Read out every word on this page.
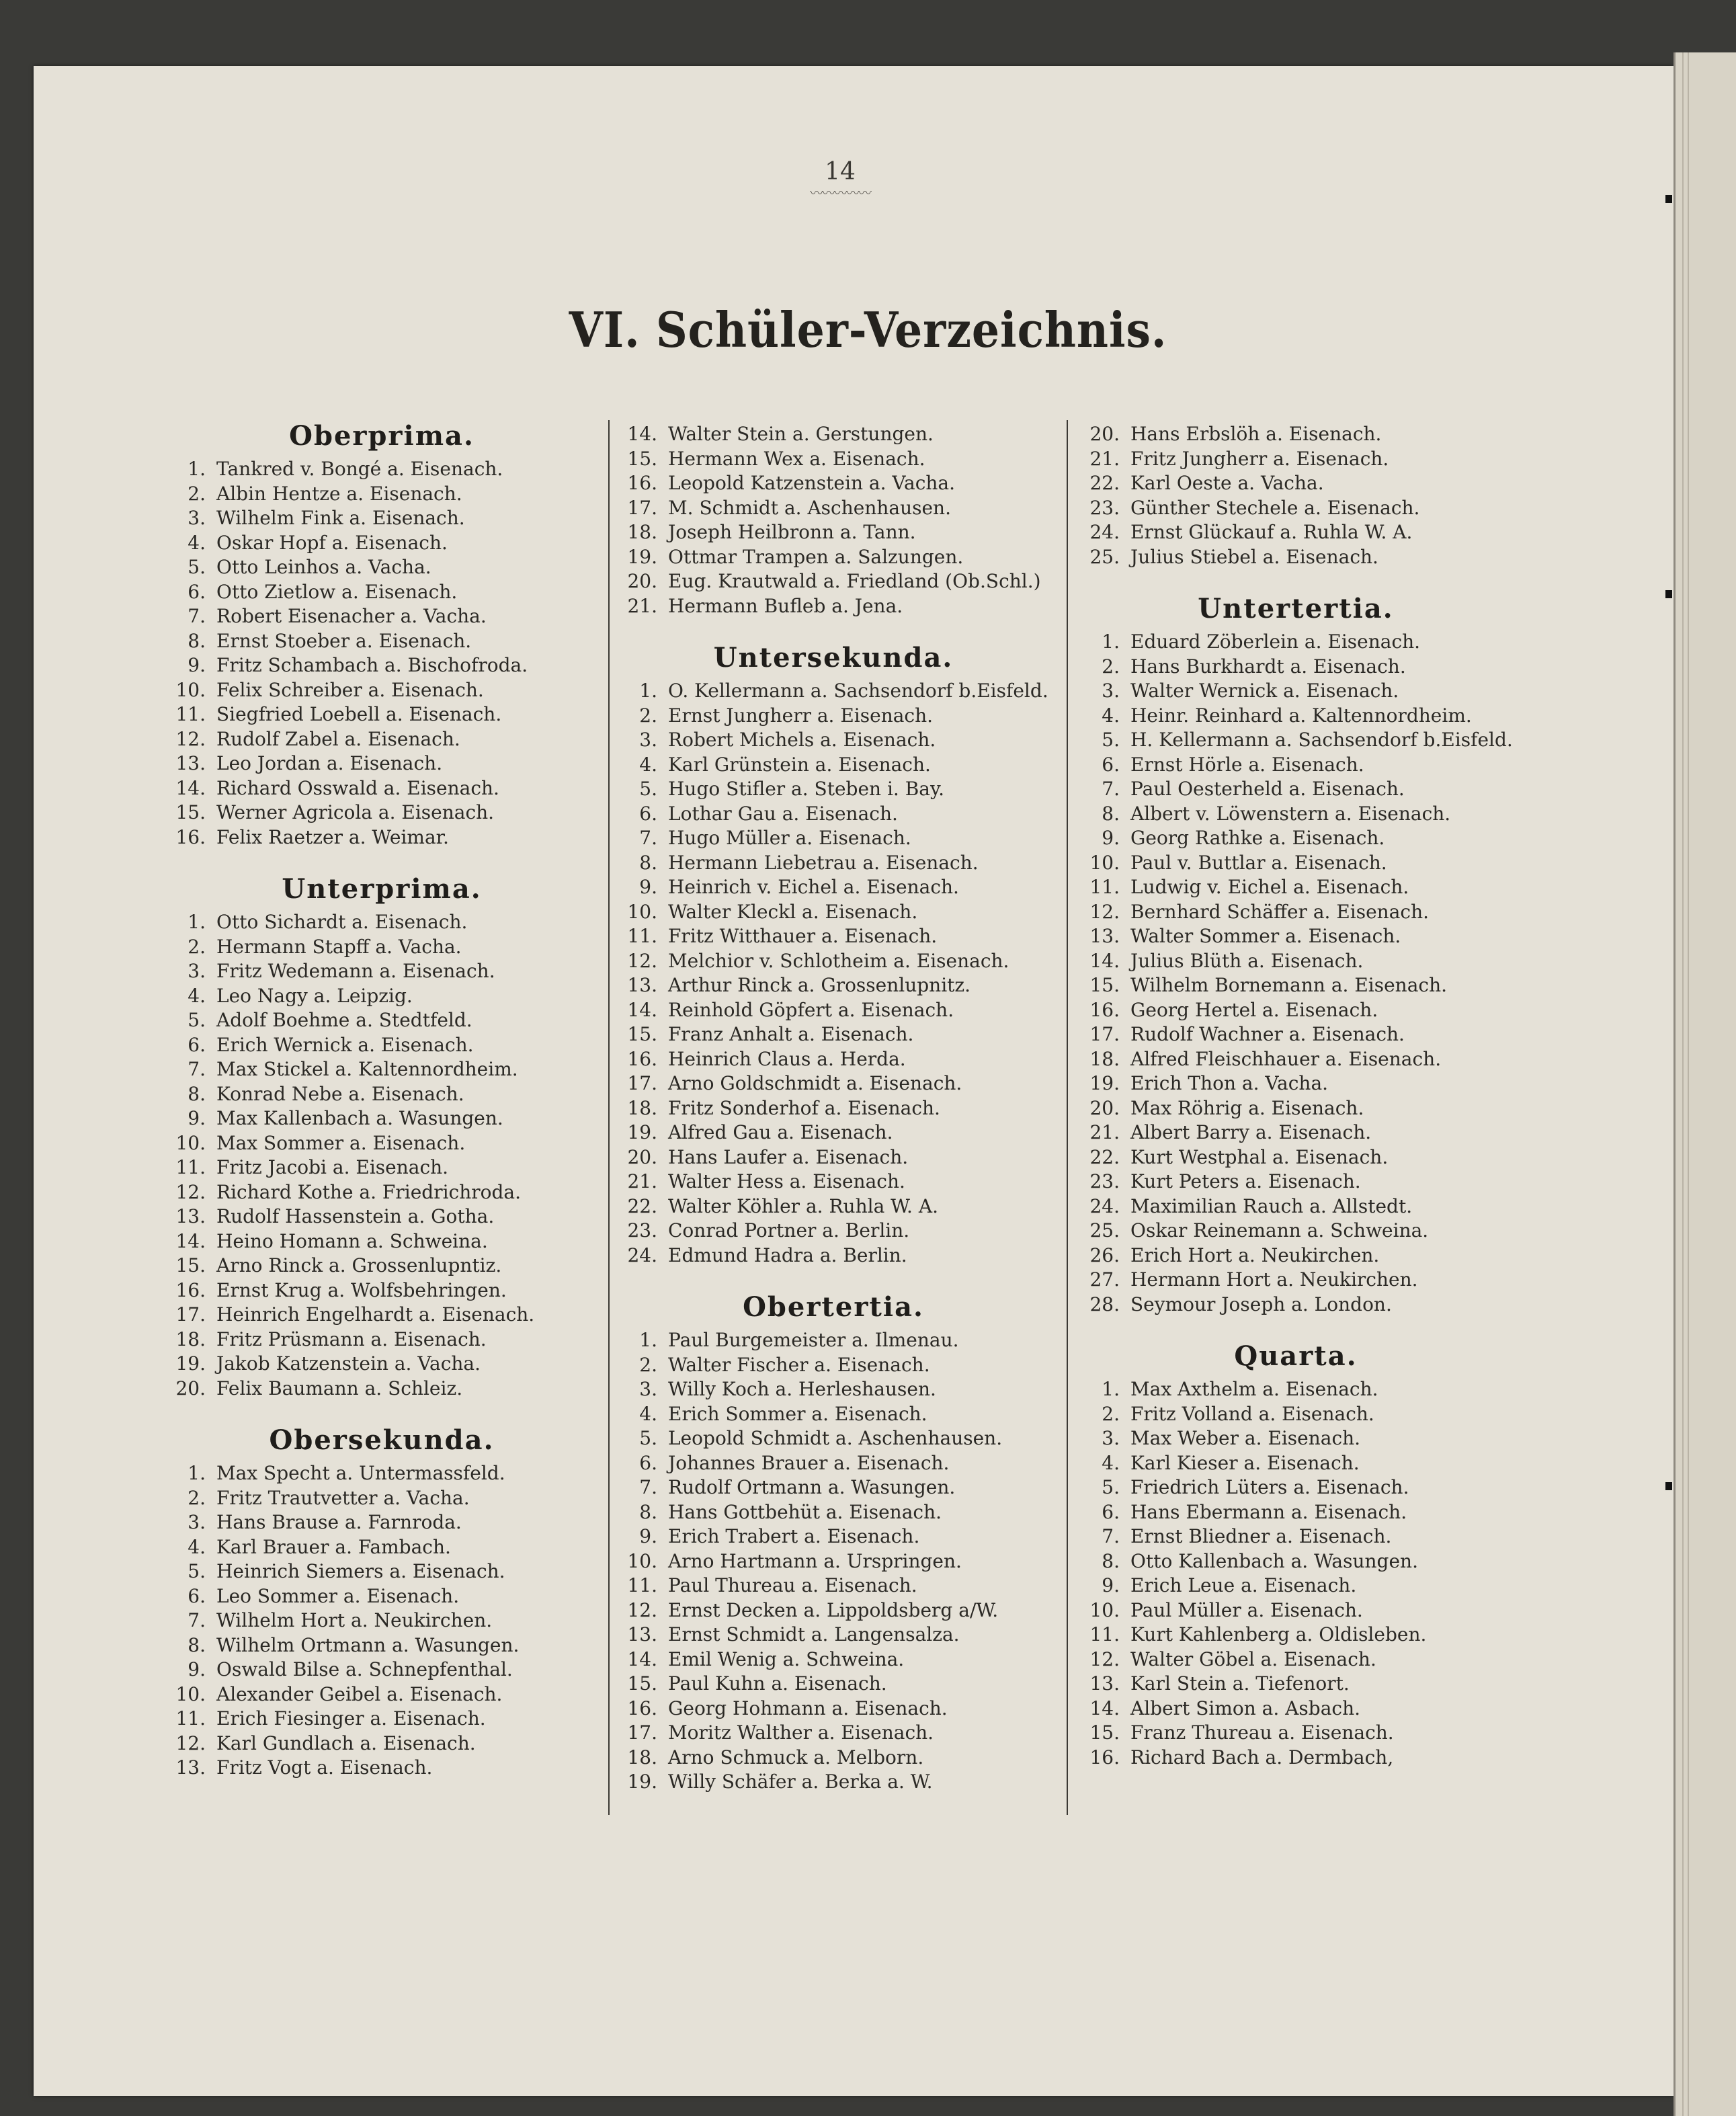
14
〰〰〰〰〰
VI. Schüler-Verzeichnis.
Oberprima.
1. Tankred v. Bongé a. Eisenach.
2. Albin Hentze a. Eisenach.
3. Wilhelm Fink a. Eisenach.
4. Oskar Hopf a. Eisenach.
5. Otto Leinhos a. Vacha.
6. Otto Zietlow a. Eisenach.
7. Robert Eisenacher a. Vacha.
8. Ernst Stoeber a. Eisenach.
9. Fritz Schambach a. Bischofroda.
10. Felix Schreiber a. Eisenach.
11. Siegfried Loebell a. Eisenach.
12. Rudolf Zabel a. Eisenach.
13. Leo Jordan a. Eisenach.
14. Richard Osswald a. Eisenach.
15. Werner Agricola a. Eisenach.
16. Felix Raetzer a. Weimar.
Unterprima.
1. Otto Sichardt a. Eisenach.
2. Hermann Stapff a. Vacha.
3. Fritz Wedemann a. Eisenach.
4. Leo Nagy a. Leipzig.
5. Adolf Boehme a. Stedtfeld.
6. Erich Wernick a. Eisenach.
7. Max Stickel a. Kaltennordheim.
8. Konrad Nebe a. Eisenach.
9. Max Kallenbach a. Wasungen.
10. Max Sommer a. Eisenach.
11. Fritz Jacobi a. Eisenach.
12. Richard Kothe a. Friedrichroda.
13. Rudolf Hassenstein a. Gotha.
14. Heino Homann a. Schweina.
15. Arno Rinck a. Grossenlupntiz.
16. Ernst Krug a. Wolfsbehringen.
17. Heinrich Engelhardt a. Eisenach.
18. Fritz Prüsmann a. Eisenach.
19. Jakob Katzenstein a. Vacha.
20. Felix Baumann a. Schleiz.
Obersekunda.
1. Max Specht a. Untermassfeld.
2. Fritz Trautvetter a. Vacha.
3. Hans Brause a. Farnroda.
4. Karl Brauer a. Fambach.
5. Heinrich Siemers a. Eisenach.
6. Leo Sommer a. Eisenach.
7. Wilhelm Hort a. Neukirchen.
8. Wilhelm Ortmann a. Wasungen.
9. Oswald Bilse a. Schnepfenthal.
10. Alexander Geibel a. Eisenach.
11. Erich Fiesinger a. Eisenach.
12. Karl Gundlach a. Eisenach.
13. Fritz Vogt a. Eisenach.
14. Walter Stein a. Gerstungen.
15. Hermann Wex a. Eisenach.
16. Leopold Katzenstein a. Vacha.
17. M. Schmidt a. Aschenhausen.
18. Joseph Heilbronn a. Tann.
19. Ottmar Trampen a. Salzungen.
20. Eug. Krautwald a. Friedland (Ob.Schl.)
21. Hermann Bufleb a. Jena.
Untersekunda.
1. O. Kellermann a. Sachsendorf b.Eisfeld.
2. Ernst Jungherr a. Eisenach.
3. Robert Michels a. Eisenach.
4. Karl Grünstein a. Eisenach.
5. Hugo Stifler a. Steben i. Bay.
6. Lothar Gau a. Eisenach.
7. Hugo Müller a. Eisenach.
8. Hermann Liebetrau a. Eisenach.
9. Heinrich v. Eichel a. Eisenach.
10. Walter Kleckl a. Eisenach.
11. Fritz Witthauer a. Eisenach.
12. Melchior v. Schlotheim a. Eisenach.
13. Arthur Rinck a. Grossenlupnitz.
14. Reinhold Göpfert a. Eisenach.
15. Franz Anhalt a. Eisenach.
16. Heinrich Claus a. Herda.
17. Arno Goldschmidt a. Eisenach.
18. Fritz Sonderhof a. Eisenach.
19. Alfred Gau a. Eisenach.
20. Hans Laufer a. Eisenach.
21. Walter Hess a. Eisenach.
22. Walter Köhler a. Ruhla W. A.
23. Conrad Portner a. Berlin.
24. Edmund Hadra a. Berlin.
Obertertia.
1. Paul Burgemeister a. Ilmenau.
2. Walter Fischer a. Eisenach.
3. Willy Koch a. Herleshausen.
4. Erich Sommer a. Eisenach.
5. Leopold Schmidt a. Aschenhausen.
6. Johannes Brauer a. Eisenach.
7. Rudolf Ortmann a. Wasungen.
8. Hans Gottbehüt a. Eisenach.
9. Erich Trabert a. Eisenach.
10. Arno Hartmann a. Urspringen.
11. Paul Thureau a. Eisenach.
12. Ernst Decken a. Lippoldsberg a/W.
13. Ernst Schmidt a. Langensalza.
14. Emil Wenig a. Schweina.
15. Paul Kuhn a. Eisenach.
16. Georg Hohmann a. Eisenach.
17. Moritz Walther a. Eisenach.
18. Arno Schmuck a. Melborn.
19. Willy Schäfer a. Berka a. W.
20. Hans Erbslöh a. Eisenach.
21. Fritz Jungherr a. Eisenach.
22. Karl Oeste a. Vacha.
23. Günther Stechele a. Eisenach.
24. Ernst Glückauf a. Ruhla W. A.
25. Julius Stiebel a. Eisenach.
Untertertia.
1. Eduard Zöberlein a. Eisenach.
2. Hans Burkhardt a. Eisenach.
3. Walter Wernick a. Eisenach.
4. Heinr. Reinhard a. Kaltennordheim.
5. H. Kellermann a. Sachsendorf b.Eisfeld.
6. Ernst Hörle a. Eisenach.
7. Paul Oesterheld a. Eisenach.
8. Albert v. Löwenstern a. Eisenach.
9. Georg Rathke a. Eisenach.
10. Paul v. Buttlar a. Eisenach.
11. Ludwig v. Eichel a. Eisenach.
12. Bernhard Schäffer a. Eisenach.
13. Walter Sommer a. Eisenach.
14. Julius Blüth a. Eisenach.
15. Wilhelm Bornemann a. Eisenach.
16. Georg Hertel a. Eisenach.
17. Rudolf Wachner a. Eisenach.
18. Alfred Fleischhauer a. Eisenach.
19. Erich Thon a. Vacha.
20. Max Röhrig a. Eisenach.
21. Albert Barry a. Eisenach.
22. Kurt Westphal a. Eisenach.
23. Kurt Peters a. Eisenach.
24. Maximilian Rauch a. Allstedt.
25. Oskar Reinemann a. Schweina.
26. Erich Hort a. Neukirchen.
27. Hermann Hort a. Neukirchen.
28. Seymour Joseph a. London.
Quarta.
1. Max Axthelm a. Eisenach.
2. Fritz Volland a. Eisenach.
3. Max Weber a. Eisenach.
4. Karl Kieser a. Eisenach.
5. Friedrich Lüters a. Eisenach.
6. Hans Ebermann a. Eisenach.
7. Ernst Bliedner a. Eisenach.
8. Otto Kallenbach a. Wasungen.
9. Erich Leue a. Eisenach.
10. Paul Müller a. Eisenach.
11. Kurt Kahlenberg a. Oldisleben.
12. Walter Göbel a. Eisenach.
13. Karl Stein a. Tiefenort.
14. Albert Simon a. Asbach.
15. Franz Thureau a. Eisenach.
16. Richard Bach a. Dermbach,
